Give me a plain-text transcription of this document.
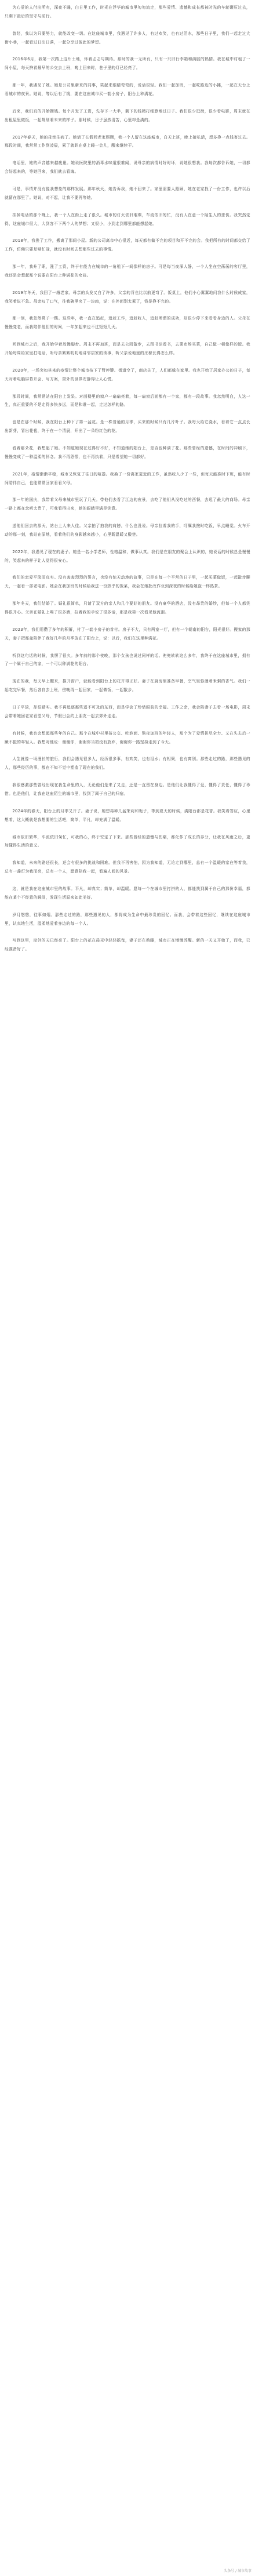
为心爱的人付出所有，深夜不睡，白日里工作，时光在浮华的城市里匆匆流走，那些爱情、遗憾和成长都被时光的车轮碾压过去，只剩下最后的坚守与前行。

曾经，我以为只要努力，就能改变一切。在这座城市里，我遇见了许多人，有过欢笑，也有过泪水，那些日子里，我们一起走过大街小巷，一起看过日出日落，一起分享过彼此的梦想。

2016年6月，我第一次踏上这片土地，怀着忐忑与期待。那时的我一无所有，只有一只旧行李箱和满腔的热情。我在城中村租了一间小屋，每天挤着最早的公交去上班，晚上回来时，巷子里的灯已经亮了。

那一年，我遇见了她。她是公司里新来的同事，笑起来眼睛弯弯的，说话很轻。我们一起加班，一起吃路边的小摊，一起在天台上看城市的夜景。她说，等以后有了钱，要在这座城市买一套小房子，阳台上种满花。

后来，我们真的开始攒钱。每个月发了工资，先存下一大半，剩下的钱精打细算地过日子。我们很少逛街，很少看电影，周末就在出租屋里做饭，一起规划着未来的样子。那时候，日子虽然清苦，心里却是满的。

2017年春天，她的母亲生病了。她请了长假回老家照顾，我一个人留在这座城市，白天上班，晚上接私活，想多挣一点钱寄过去。那段时间，我常常工作到凌晨，累了就趴在桌上睡一会儿，醒来继续干。

电话里，她的声音越来越疲惫。她说医院里的消毒水味道很难闻，说母亲的病情时好时坏，说她很想我。我每次都告诉她，一切都会好起来的，等她回来，我们就去看海。

可是，事情并没有像我想象的那样发展。那年秋天，她告诉我，她不回来了。家里需要人照顾，她在老家找了一份工作，也许以后就留在那里了。她说，对不起，让我不要再等她。

挂掉电话的那个晚上，我一个人在街上走了很久。城市的灯火依旧璀璨，车流依旧匆忙，没有人在意一个陌生人的悲伤。我突然觉得，这座城市很大，大到容不下两个人的梦想；又很小，小到走到哪里都能想起她。

2018年，我换了工作，搬离了那间小屋。新的公司离市中心很近，每天都有做不完的项目和开不完的会。我把所有的时间都交给了工作，仿佛只要足够忙碌，就没有时间去想那些过去的事情。

那一年，我升了职，涨了工资，终于有能力在城市的一角租下一间像样的房子。可是每当夜深人静，一个人坐在空荡荡的客厅里，我还是会想起那个说要在阳台上种满花的女孩。

2019年冬天，我回了一趟老家。母亲的头发又白了许多，父亲的背也比以前更弯了。饭桌上，他们小心翼翼地问我什么时候成家，我笑着说不急。母亲叹了口气，往我碗里夹了一块肉，说：在外面别太累了，钱是挣不完的。

那一刻，我忽然鼻子一酸。这些年，我一直在追赶，追赶工作，追赶收入，追赶所谓的成功，却很少停下来看看身边的人。父母在慢慢变老，而我陪伴他们的时间，一年加起来也不过短短几天。

回到城市之后，我开始学着放慢脚步。周末不再加班，而是去公园散步，去图书馆看书，去菜市场买菜，自己做一顿像样的饭。我开始每周给家里打电话，听母亲絮絮叨叨地讲邻居家的琐事，听父亲说地里的庄稼长得怎么样。

2020年，一场突如其来的疫情让整个城市按下了暂停键。街道空了，商店关了，人们都躲在家里。我也开始了居家办公的日子，每天对着电脑屏幕开会、写方案，窗外的世界安静得让人心慌。

那段时间，我常常站在阳台上发呆。对面楼里的窗户一扇扇亮着，每一扇窗后面都有一个家，都有一段故事。我忽然明白，人这一生，真正重要的不是走得多快多远，而是和谁一起，走过怎样的路。

也是在那个时候，我在阳台上种下了第一盆花。是一株普通的月季，买来的时候只有几片叶子。我每天给它浇水，看着它一点点长出新芽，冒出花苞，终于在一个清晨，开出了一朵粉红色的花。

看着那朵花，我想起了她。不知道她现在过得好不好，不知道她的阳台上，是否也种满了花。那些曾经的遗憾，在时间的冲刷下，慢慢变成了一种温柔的怀念。我不再怨恨，也不再执着，只是希望她一切都好。

2021年，疫情渐渐平稳，城市又恢复了往日的喧嚣。我换了一份离家更近的工作，虽然收入少了一些，但每天能准时下班，能有时间陪伴自己，也能常常回家看看父母。

那一年的国庆，我带着父母来城市里玩了几天。带他们去看了江边的夜景，去吃了他们从没吃过的西餐，去逛了最大的商场。母亲一路上都在念叨太贵了，可我看得出来，她的眼睛里满是笑意。

送他们回去的那天，站台上人来人往。父亲拍了拍我的肩膀，什么也没说。母亲拉着我的手，叮嘱我按时吃饭，早点睡觉。火车开动的那一刻，我站在原地，看着他们的身影越来越小，心里既温暖又酸楚。

2022年，我遇见了现在的妻子。她是一名小学老师，性格温和，做事认真。我们是在朋友的聚会上认识的，她说话的时候总是慢慢的，笑起来的样子让人觉得很安心。

我们的恋爱平淡而真实。没有轰轰烈烈的誓言，也没有惊天动地的故事，只是在每一个平常的日子里，一起买菜做饭，一起散步聊天，一起看一部老电影。她会在我加班的时候给我送一份热乎的饭菜，我会在她批改作业到深夜的时候给她泡一杯热茶。

那年冬天，我们结婚了。婚礼很简单，只请了双方的亲人和几个要好的朋友。没有豪华的酒店，没有昂贵的婚纱，但每一个人都笑得很开心。父亲在婚礼上喝了很多酒，拉着我的手说了很多话，那是我第一次看见他流泪。

2023年，我们用攒了多年的积蓄，付了一套小房子的首付。房子不大，只有两室一厅，但有一个朝南的阳台，阳光很好。搬家的那天，妻子把那盆陪伴了我好几年的月季放在了阳台上，说：以后，我们在这里种满花。

听到这句话的时候，我愣了很久。多年前的那个夜晚，那个女孩也说过同样的话。兜兜转转这么多年，我终于在这座城市里，拥有了一个属于自己的家，一个可以种满花的阳台。

现在的我，每天早上醒来，推开窗户，就能看到阳台上的花开得正好。妻子在厨房里准备早餐，空气里弥漫着米粥的香气。我们一起吃完早餐，然后各自去上班，傍晚再一起回家，一起做饭，一起散步。

日子平淡，却很踏实。我不再追逐那些遥不可及的东西，而是学会了珍惜眼前的幸福。工作之余，我会陪妻子去看一场电影，周末会带着她回老家看望父母，节假日会约上朋友一起去郊外走走。

有时候，我也会想起那些年的自己。那个在城中村里挤公交、吃泡面、熬夜加班的年轻人，那个为了爱情拼尽全力、又在失去后一蹶不振的年轻人。我想对他说：谢谢你，谢谢你当初没有放弃，谢谢你一路坚持走到了今天。

人生就像一场漫长的旅行，我们会遇见很多人，经历很多事，有欢笑，也有泪水；有相聚，也有离别。那些走过的路，那些遇见的人，那些经历的事，都在不知不觉中塑造了现在的我们。

我很感激那些曾经出现在我生命里的人，无论他们是来了又走，还是一直留在身边。是他们让我懂得了爱，懂得了责任，懂得了珍惜。也是他们，让我在这座陌生的城市里，找到了属于自己的归宿。

2024年的春天，阳台上的月季又开了。妻子说，她想再种几盆茉莉和栀子，等到夏天的时候，满阳台都是花香。我笑着答应，心里想着，这大概就是我想要的生活吧，简单，平凡，却充满了温暖。

城市依旧繁华，车流依旧匆忙，可我的心，终于安定了下来。那些曾经的遗憾与伤痛，都化作了成长的养分，让我在风雨之后，更加懂得生活的意义。

我知道，未来的路还很长，还会有很多的挑战和困难。但我不再害怕，因为我知道，无论走到哪里，总有一个温暖的家在等着我，总有一盏灯为我而亮，总有一个人，愿意陪我一起，看遍人间的风景。

这，就是我在这座城市里的故事。平凡，却真实；简单，却温暖。愿每一个在城市里打拼的人，都能找到属于自己的那份幸福，都能在某个不经意的瞬间，发现生活原来如此美好。

岁月悠悠，往事如烟。那些走过的路，那些遇见的人，都将成为生命中最珍贵的回忆。而我，会带着这些回忆，继续在这座城市里，认真地生活，温柔地爱着身边的每一个人。

写到这里，窗外的天已经亮了。阳台上的花在晨光中轻轻摇曳，妻子还在熟睡，城市正在慢慢苏醒。新的一天又开始了，而我，已经准备好了。

头条号 / 城市故事
